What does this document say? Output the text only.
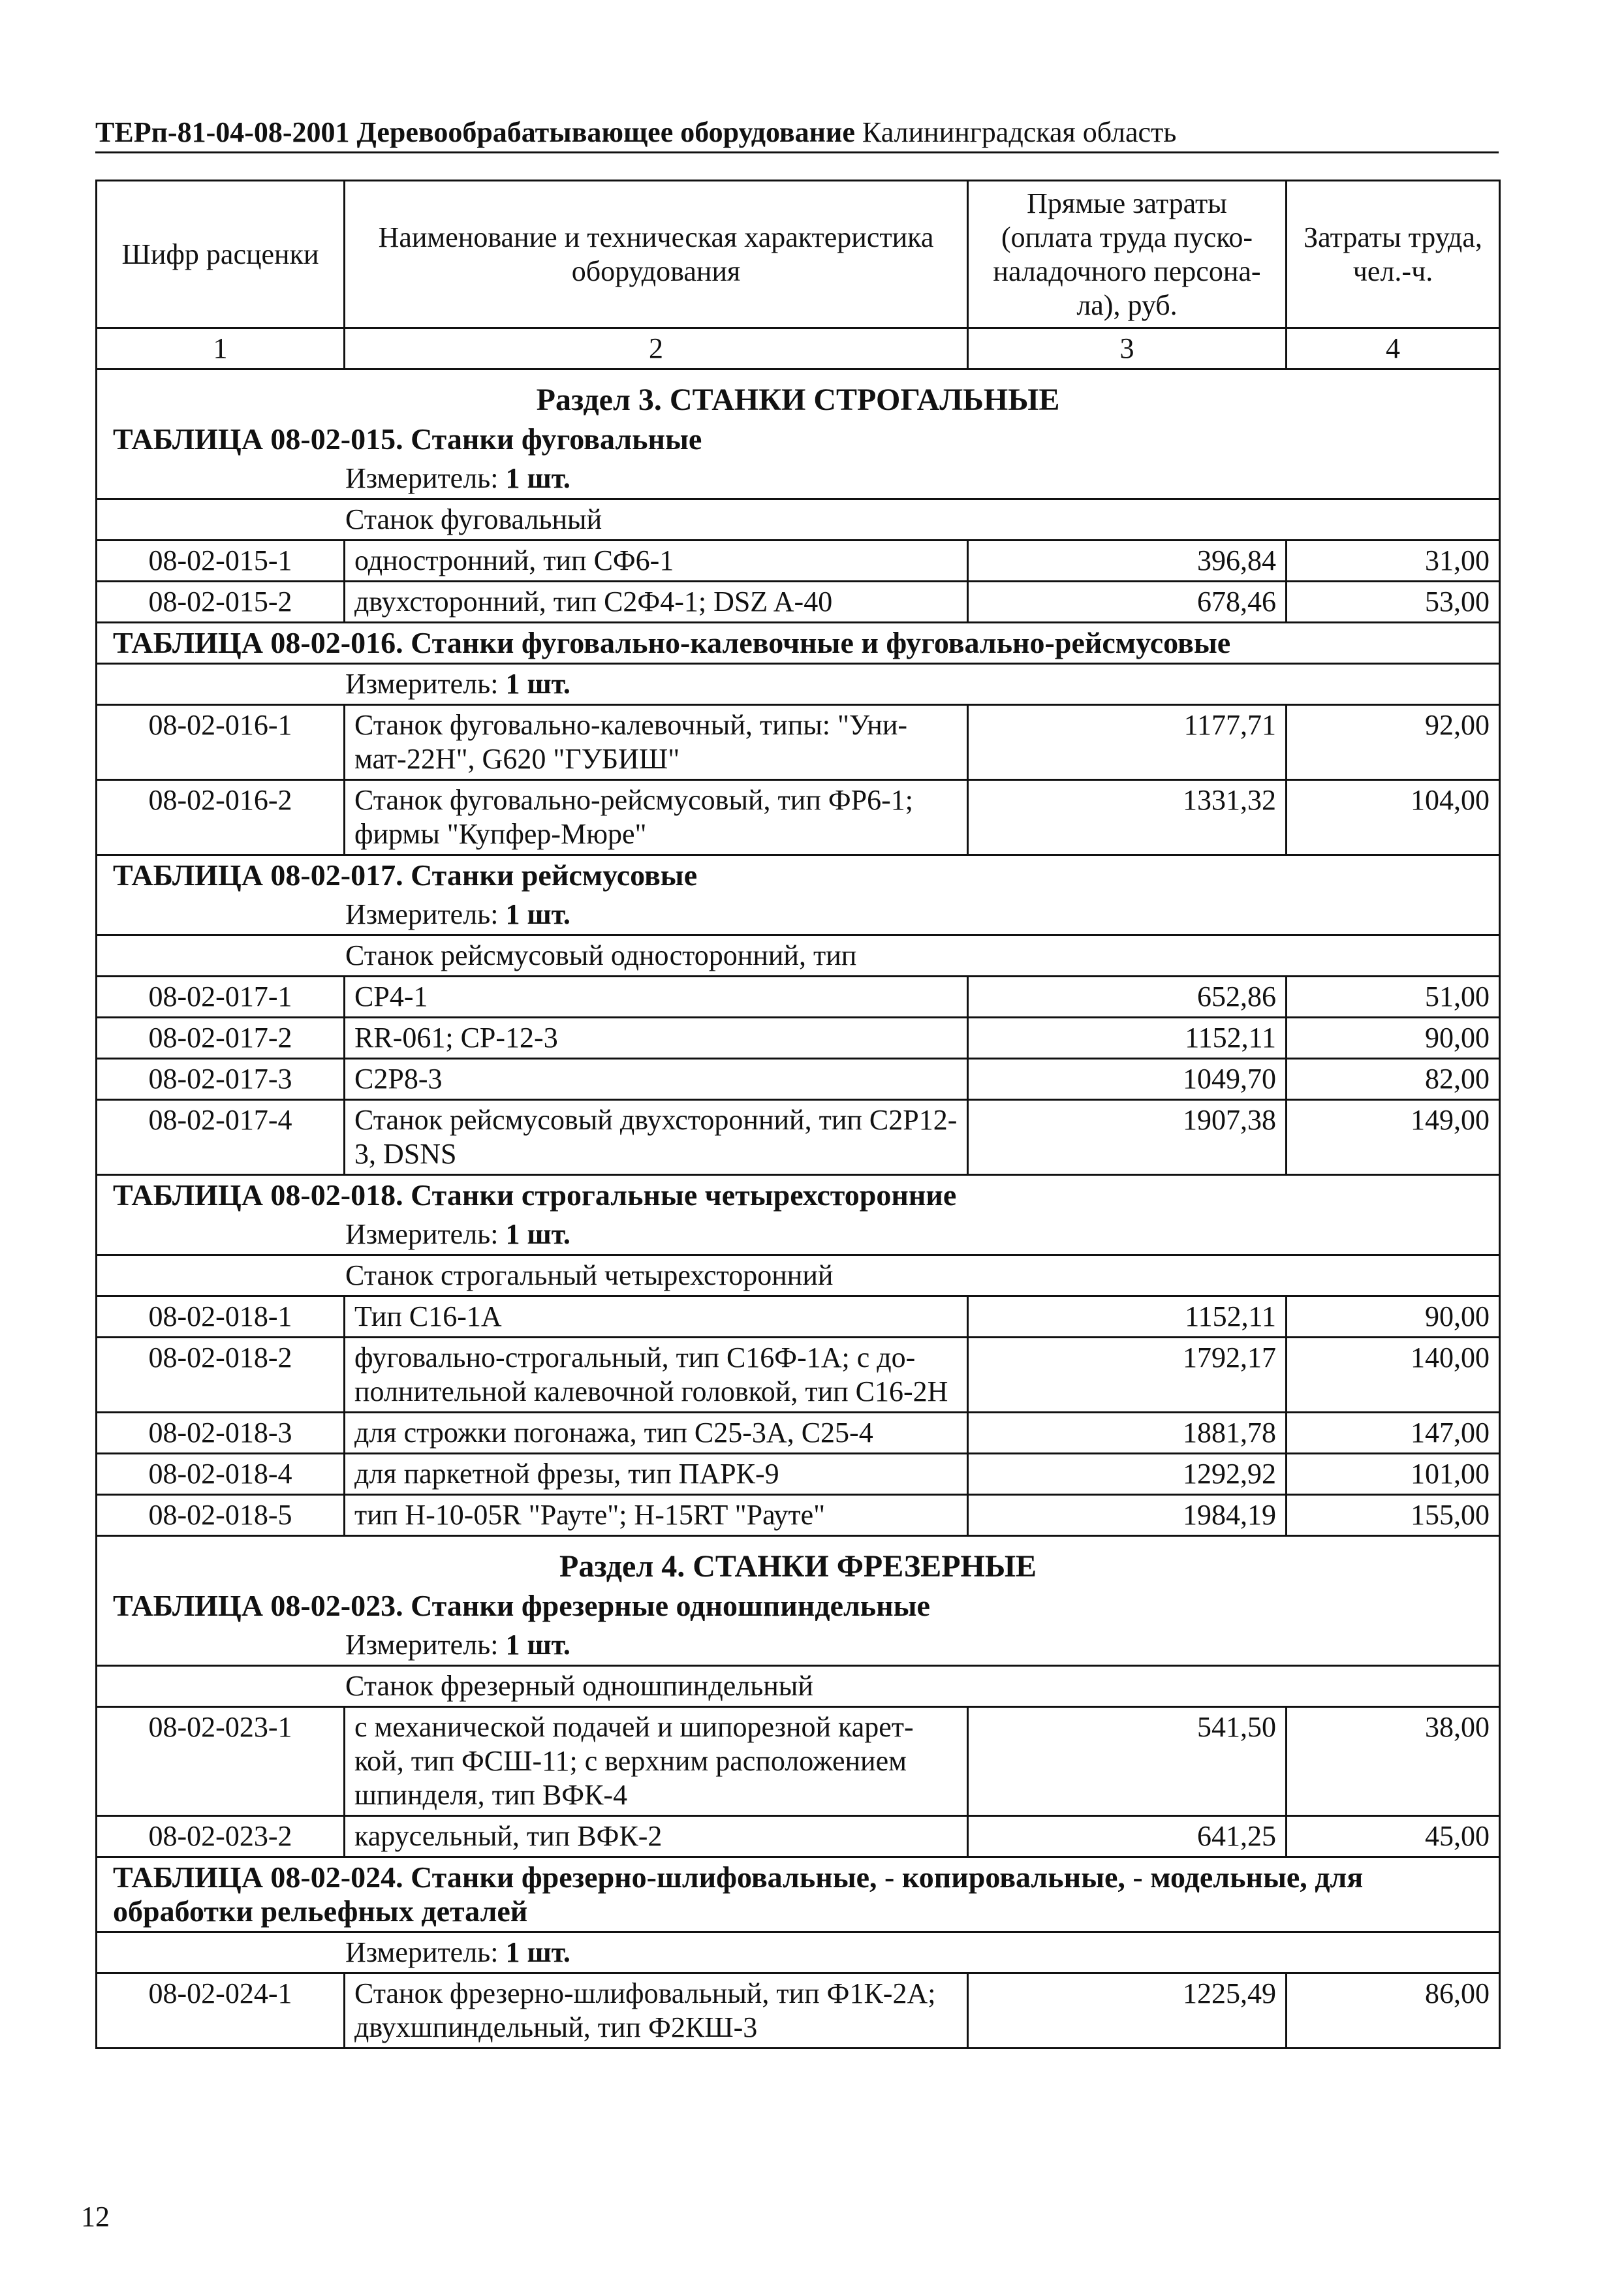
ТЕРп-81-04-08-2001 Деревообрабатывающее оборудование Калининградская область
Шифр расценки	Наименование и техническая характеристика оборудования	Прямые затраты (оплата труда пуско-наладочного персона-ла), руб.	Затраты труда, чел.-ч.
1	2	3	4
Раздел 3. СТАНКИ СТРОГАЛЬНЫЕ			
ТАБЛИЦА 08-02-015. Станки фуговальные			
Измеритель: 1 шт.			
Станок фуговальный			
08-02-015-1	одностронний, тип СФ6-1	396,84	31,00
08-02-015-2	двухсторонний, тип С2Ф4-1; DSZ A-40	678,46	53,00
ТАБЛИЦА 08-02-016. Станки фуговально-калевочные и фуговально-рейсмусовые			
Измеритель: 1 шт.			
08-02-016-1	Станок фуговально-калевочный, типы: "Уни-мат-22Н", G620 "ГУБИШ"	1177,71	92,00
08-02-016-2	Станок фуговально-рейсмусовый, тип ФР6-1; фирмы "Купфер-Мюре"	1331,32	104,00
ТАБЛИЦА 08-02-017. Станки рейсмусовые			
Измеритель: 1 шт.			
Станок рейсмусовый односторонний, тип			
08-02-017-1	СР4-1	652,86	51,00
08-02-017-2	RR-061; СР-12-3	1152,11	90,00
08-02-017-3	С2Р8-3	1049,70	82,00
08-02-017-4	Станок рейсмусовый двухсторонний, тип С2Р12-3, DSNS	1907,38	149,00
ТАБЛИЦА 08-02-018. Станки строгальные четырехсторонние			
Измеритель: 1 шт.			
Станок строгальный четырехсторонний			
08-02-018-1	Тип С16-1А	1152,11	90,00
08-02-018-2	фуговально-строгальный, тип С16Ф-1А; с до-полнительной калевочной головкой, тип С16-2Н	1792,17	140,00
08-02-018-3	для строжки погонажа, тип С25-3А, С25-4	1881,78	147,00
08-02-018-4	для паркетной фрезы, тип ПАРК-9	1292,92	101,00
08-02-018-5	тип Н-10-05R "Рауте"; Н-15RT "Рауте"	1984,19	155,00
Раздел 4. СТАНКИ ФРЕЗЕРНЫЕ			
ТАБЛИЦА 08-02-023. Станки фрезерные одношпиндельные			
Измеритель: 1 шт.			
Станок фрезерный одношпиндельный			
08-02-023-1	с механической подачей и шипорезной карет-кой, тип ФСШ-11; с верхним расположением шпинделя, тип ВФК-4	541,50	38,00
08-02-023-2	карусельный, тип ВФК-2	641,25	45,00
ТАБЛИЦА 08-02-024. Станки фрезерно-шлифовальные, - копировальные, - модельные, для обработки рельефных деталей			
Измеритель: 1 шт.			
08-02-024-1	Станок фрезерно-шлифовальный, тип Ф1К-2А; двухшпиндельный, тип Ф2КШ-3	1225,49	86,00
12
